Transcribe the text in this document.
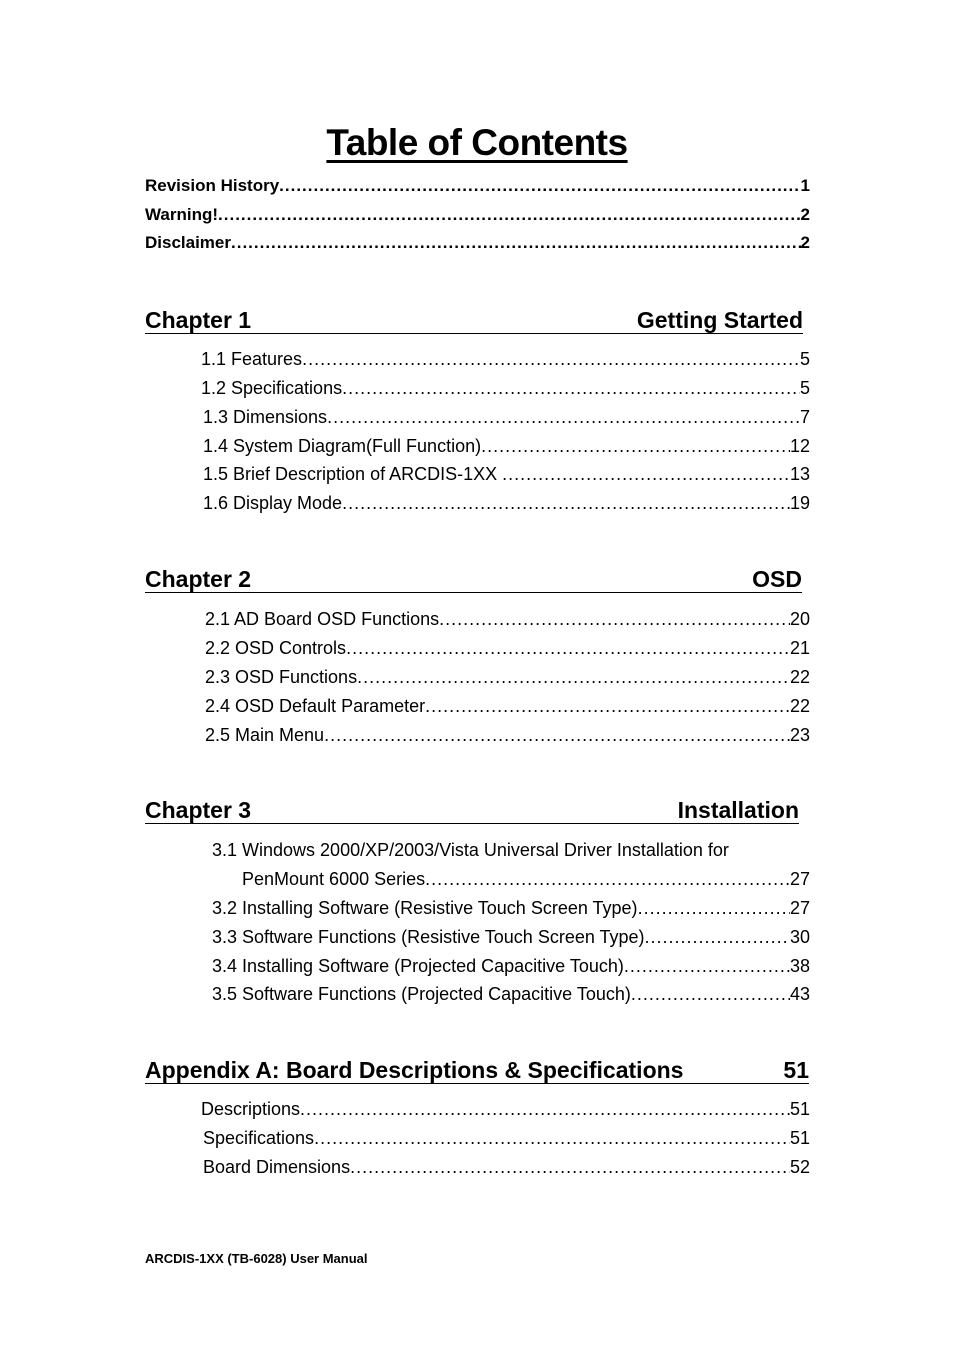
Table of Contents
Revision History .....	1
Warning! .....	2
Disclaimer .....	2
Chapter 1	Getting Started
1.1 Features .....	5
1.2 Specifications .....	5
1.3 Dimensions .....	7
1.4 System Diagram(Full Function) .....	12
1.5 Brief Description of ARCDIS-1XX .....	13
1.6 Display Mode .....	19
Chapter 2	OSD
2.1 AD Board OSD Functions .....	20
2.2 OSD Controls .....	21
2.3 OSD Functions .....	22
2.4 OSD Default Parameter .....	22
2.5 Main Menu .....	23
Chapter 3	Installation
3.1 Windows 2000/XP/2003/Vista Universal Driver Installation for
PenMount 6000 Series .....	27
3.2 Installing Software (Resistive Touch Screen Type) .....	27
3.3 Software Functions (Resistive Touch Screen Type) .....	30
3.4 Installing Software (Projected Capacitive Touch) .....	38
3.5 Software Functions (Projected Capacitive Touch) .....	43
Appendix A: Board Descriptions & Specifications	51
Descriptions .....	51
Specifications .....	51
Board Dimensions .....	52
ARCDIS-1XX (TB-6028) User Manual
